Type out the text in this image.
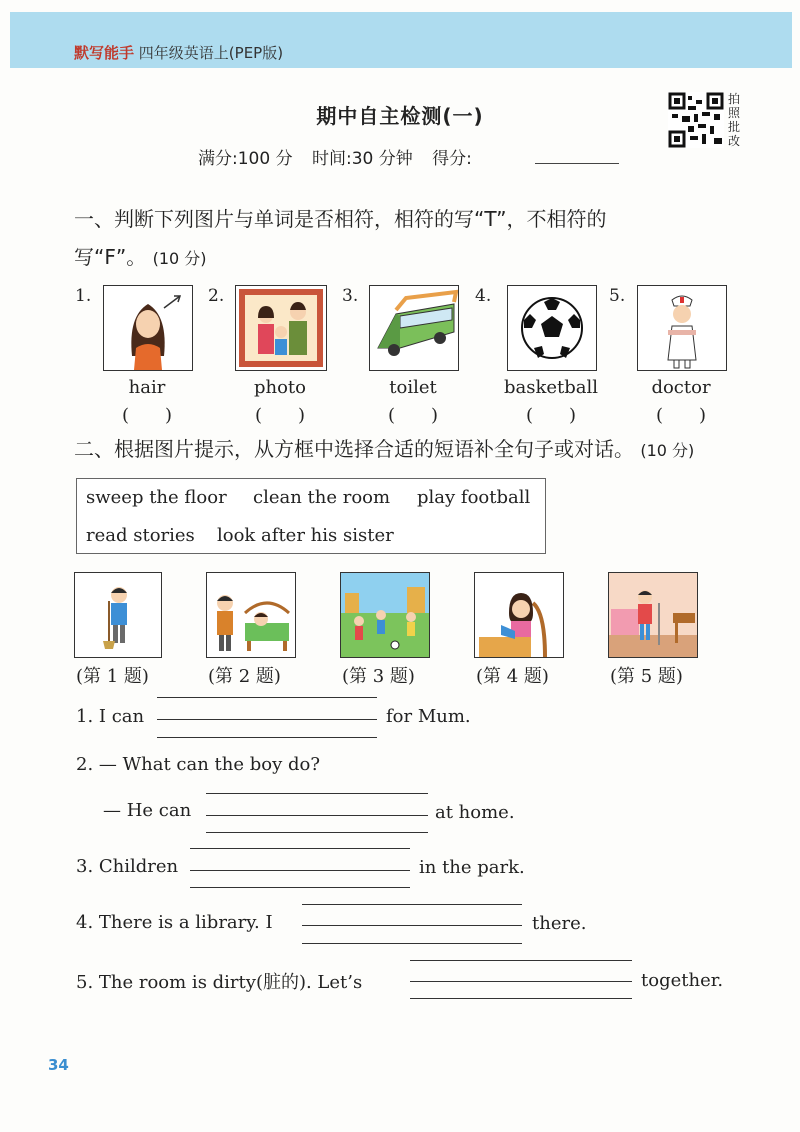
默写能手 四年级英语上(PEP版)
期中自主检测(一)
满分:100 分 时间:30 分钟 得分:
拍照批改
一、判断下列图片与单词是否相符，相符的写“T”，不相符的
写“F”。 (10 分)
1.
hair
(　　)
2.
photo
(　　)
3.
toilet
(　　)
4.
basketball
(　　)
5.
doctor
(　　)
二、根据图片提示，从方框中选择合适的短语补全句子或对话。 (10 分)
sweep the floor clean the room play football
read stories look after his sister
(第 1 题)	(第 2 题)	(第 3 题)	(第 4 题)	(第 5 题)
1. I can	for Mum.
2. — What can the boy do?
— He can	at home.
3. Children	in the park.
4. There is a library. I	there.
5. The room is dirty(脏的). Let’s	together.
34
